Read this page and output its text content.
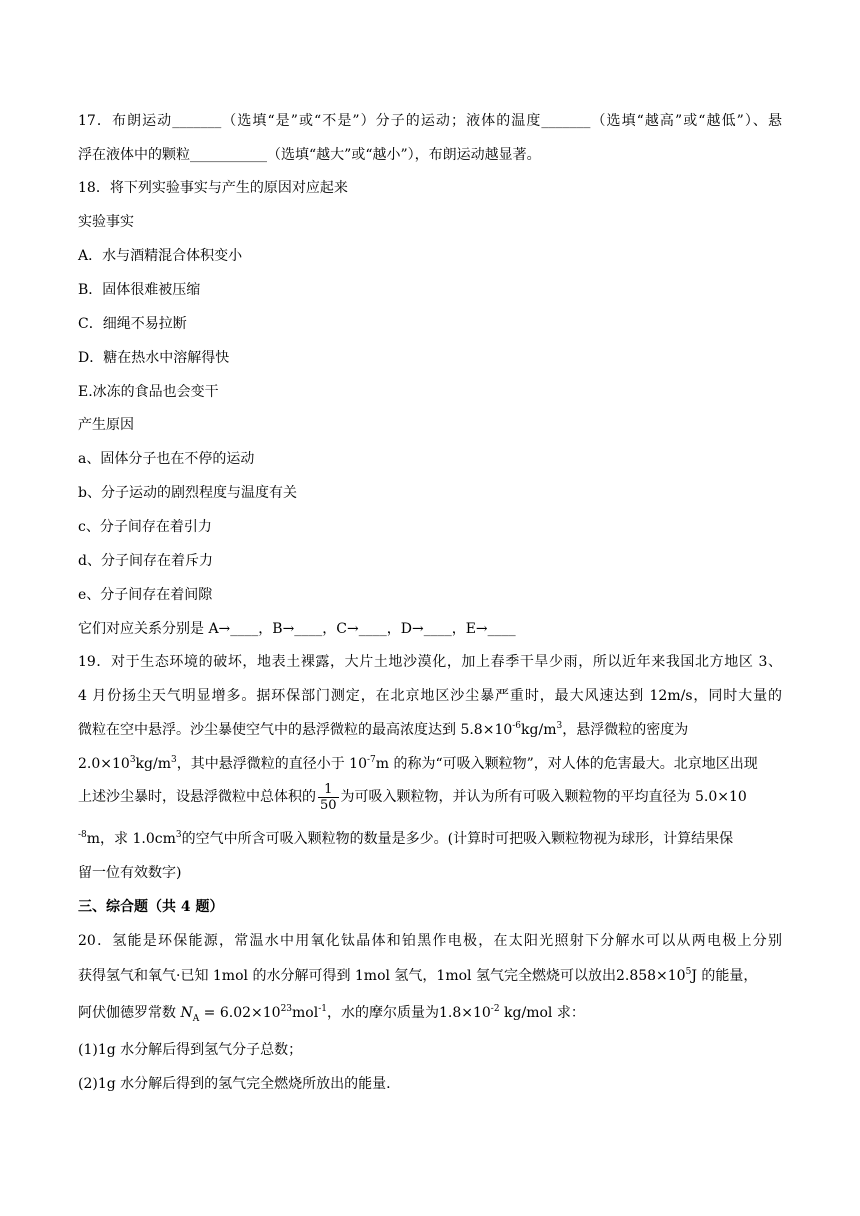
17．布朗运动_______（选填“是”或“不是”）分子的运动；液体的温度_______（选填“越高”或“越低”）、悬
浮在液体中的颗粒___________（选填“越大”或“越小”），布朗运动越显著。
18．将下列实验事实与产生的原因对应起来
实验事实
A．水与酒精混合体积变小
B．固体很难被压缩
C．细绳不易拉断
D．糖在热水中溶解得快
E.冰冻的食品也会变干
产生原因
a、固体分子也在不停的运动
b、分子运动的剧烈程度与温度有关
c、分子间存在着引力
d、分子间存在着斥力
e、分子间存在着间隙
它们对应关系分别是 A→____，B→____，C→____，D→____，E→____
19．对于生态环境的破坏，地表土裸露，大片土地沙漠化，加上春季干旱少雨，所以近年来我国北方地区 3、
4 月份扬尘天气明显增多。据环保部门测定，在北京地区沙尘暴严重时，最大风速达到 12m/s，同时大量的
微粒在空中悬浮。沙尘暴使空气中的悬浮微粒的最高浓度达到 $5.8\times 10^{-6}kg/m^3$，悬浮微粒的密度为
$2.0\times 10^3kg/m^3$，其中悬浮微粒的直径小于 $10^{-7}m$ 的称为“可吸入颗粒物”，对人体的危害最大。北京地区出现
上述沙尘暴时，设悬浮微粒中总体积的 $\frac{1}{50}$ 为可吸入颗粒物，并认为所有可吸入颗粒物的平均直径为 5.0×10
$^{-8}$m，求 $1.0cm^3$的空气中所含可吸入颗粒物的数量是多少。(计算时可把吸入颗粒物视为球形，计算结果保
留一位有效数字)
三、综合题（共 4 题）
20．氢能是环保能源，常温水中用氧化钛晶体和铂黑作电极，在太阳光照射下分解水可以从两电极上分别
获得氢气和氧气·已知 1mol 的水分解可得到 1mol 氢气，1mol 氢气完全燃烧可以放出$2.858\times 10^5J$ 的能量，
阿伏伽德罗常数 $N_A = 6.02\times 10^{23}mol^{-1}$，水的摩尔质量为$1.8\times 10^{-2}$ kg/mol 求：
(1)1g 水分解后得到氢气分子总数；
(2)1g 水分解后得到的氢气完全燃烧所放出的能量.
